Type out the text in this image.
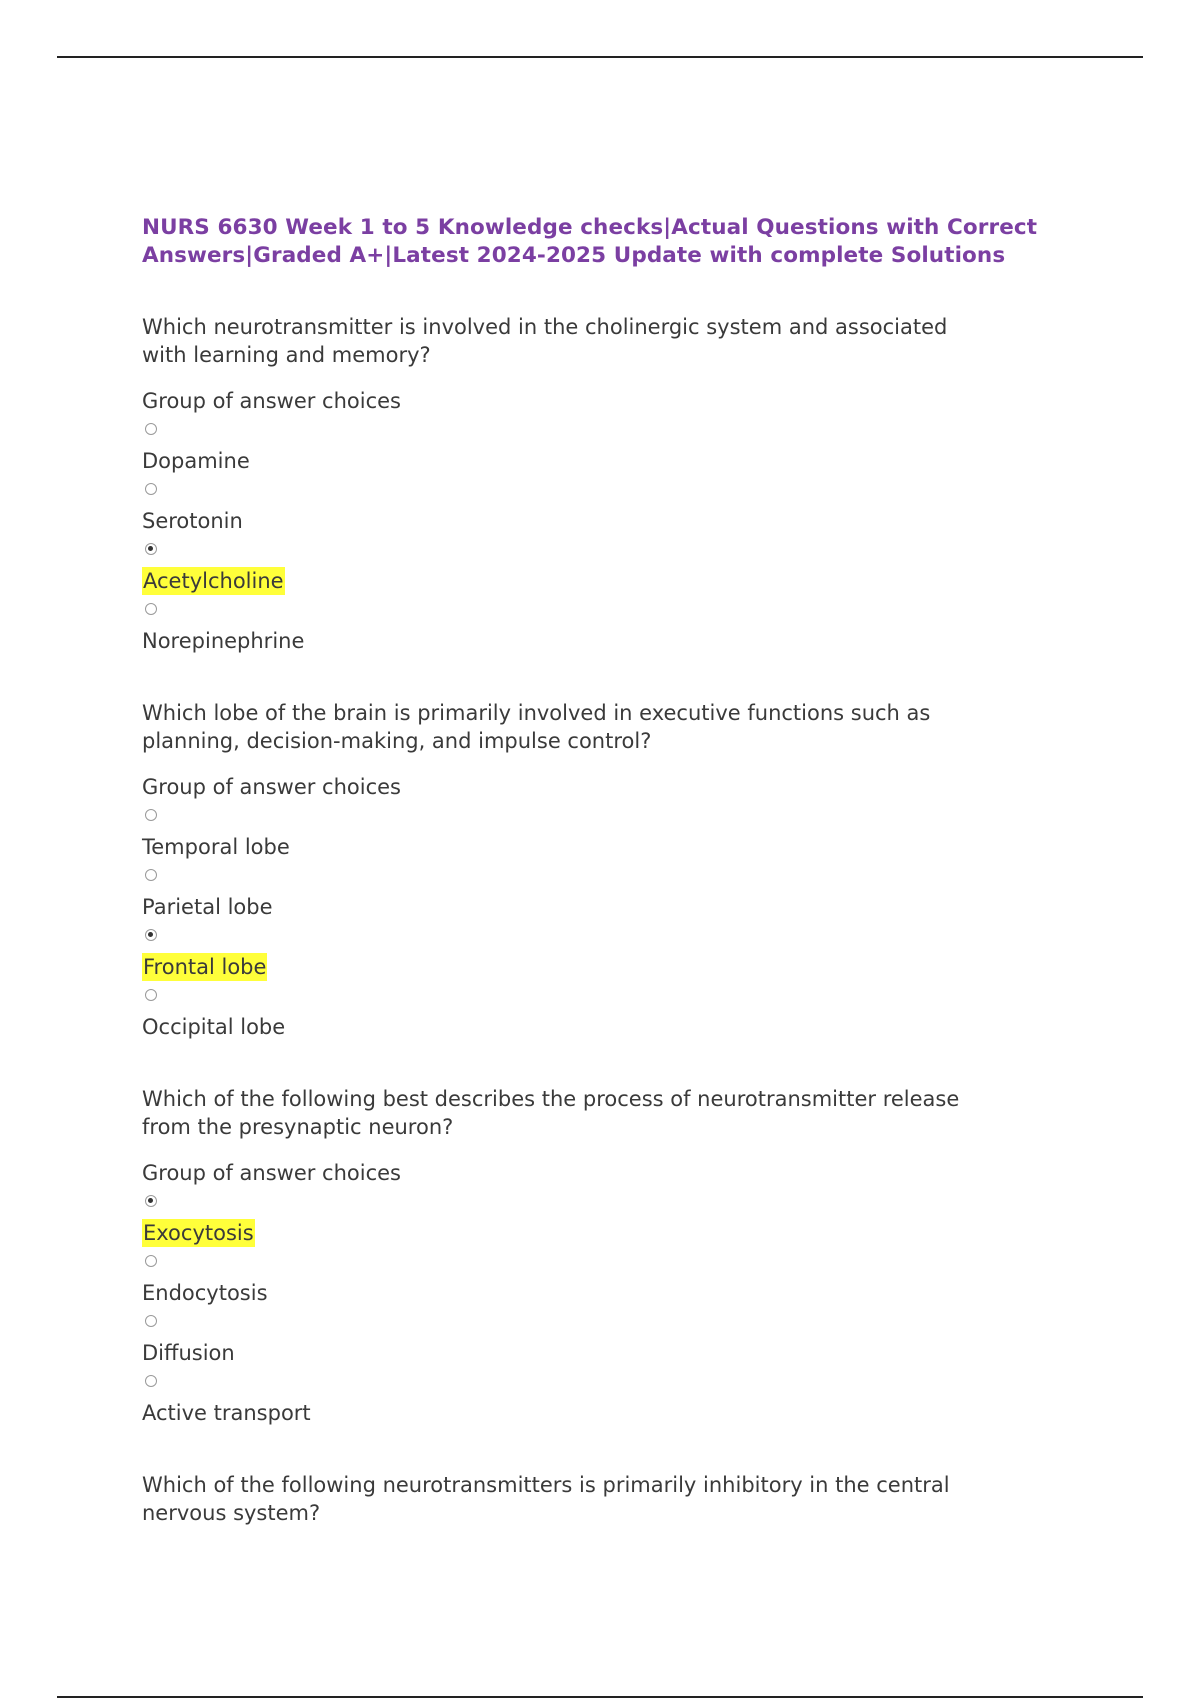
NURS 6630 Week 1 to 5 Knowledge checks|Actual Questions with Correct
Answers|Graded A+|Latest 2024-2025 Update with complete Solutions

Which neurotransmitter is involved in the cholinergic system and associated
with learning and memory?

Group of answer choices

Dopamine
Serotonin
Acetylcholine
Norepinephrine

Which lobe of the brain is primarily involved in executive functions such as
planning, decision-making, and impulse control?

Group of answer choices

Temporal lobe
Parietal lobe
Frontal lobe
Occipital lobe

Which of the following best describes the process of neurotransmitter release
from the presynaptic neuron?

Group of answer choices

Exocytosis
Endocytosis
Diffusion
Active transport

Which of the following neurotransmitters is primarily inhibitory in the central
nervous system?
